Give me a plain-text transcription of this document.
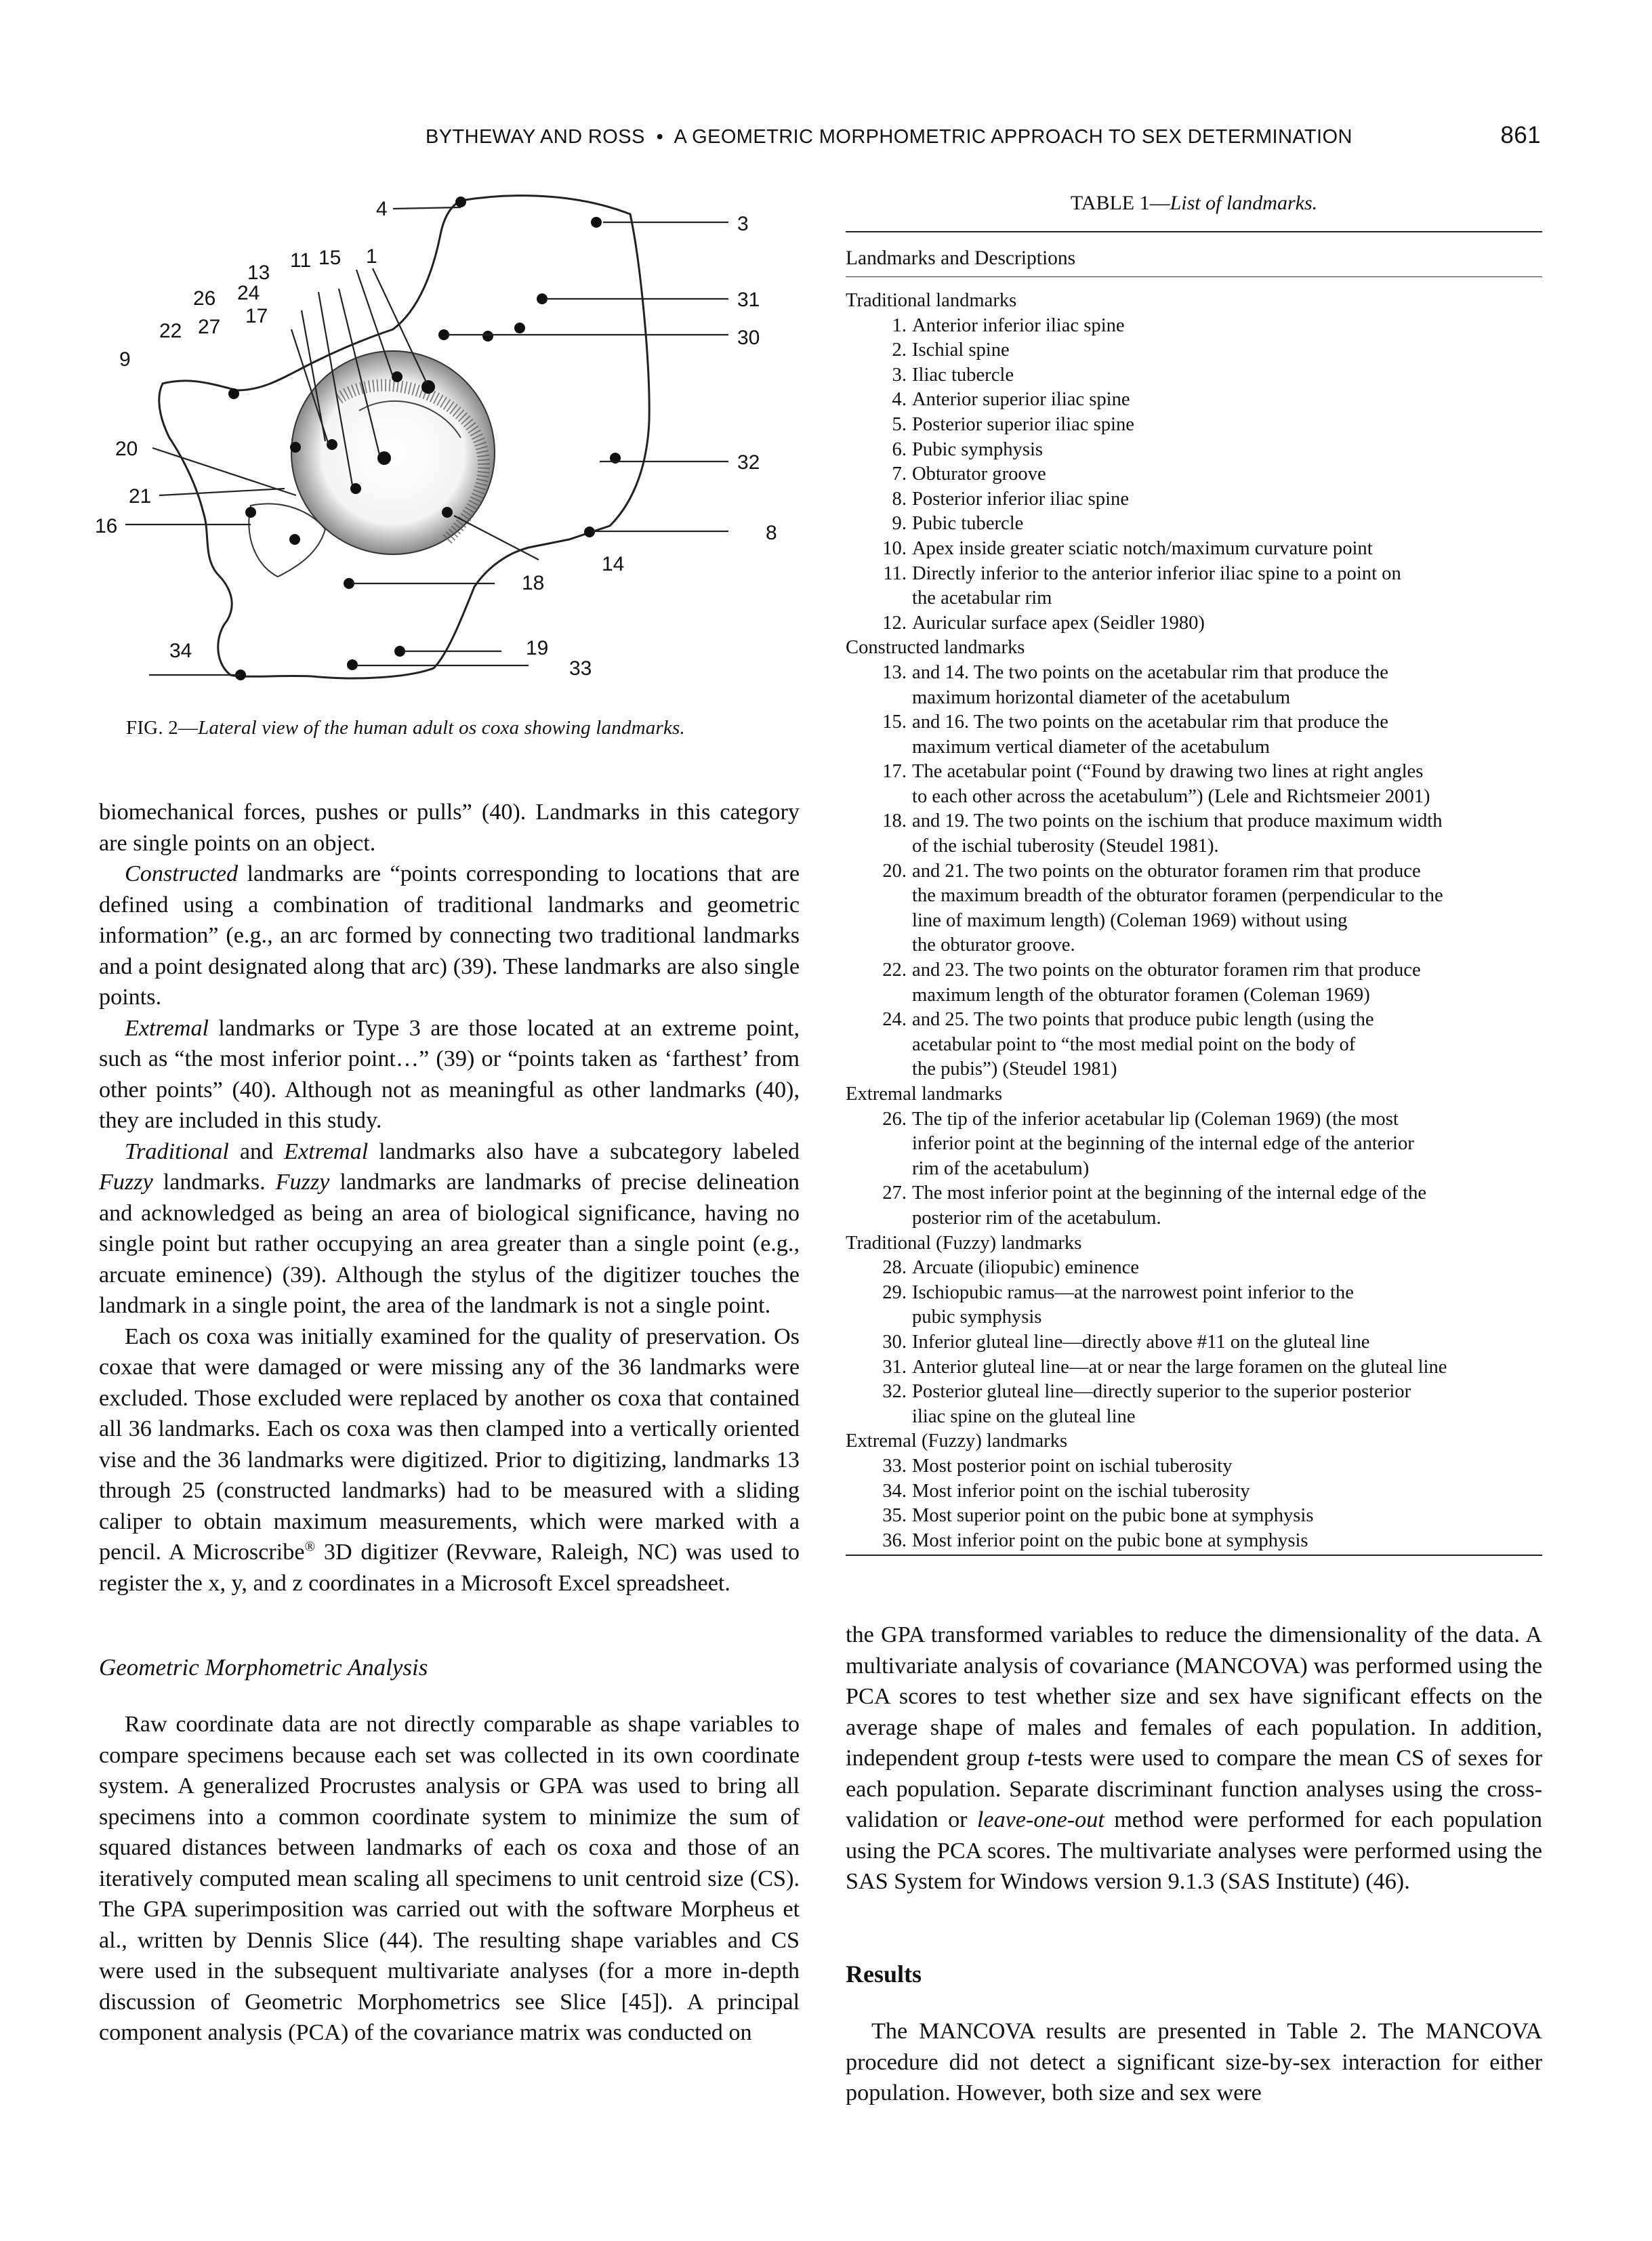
BYTHEWAY AND ROSS • A GEOMETRIC MORPHOMETRIC APPROACH TO SEX DETERMINATION	861
4
3
1
11 15
13
24
26
17
27
22
9
31
30
20
32
21
16	8
14
18
34	19
33
FIG. 2—Lateral view of the human adult os coxa showing landmarks.
TABLE 1—List of landmarks.
Landmarks and Descriptions
Traditional landmarks
1. Anterior inferior iliac spine
2. Ischial spine
3. Iliac tubercle
4. Anterior superior iliac spine
5. Posterior superior iliac spine
6. Pubic symphysis
7. Obturator groove
8. Posterior inferior iliac spine
9. Pubic tubercle
10. Apex inside greater sciatic notch/maximum curvature point
11. Directly inferior to the anterior inferior iliac spine to a point on
the acetabular rim
12. Auricular surface apex (Seidler 1980)
Constructed landmarks
13. and 14. The two points on the acetabular rim that produce the
maximum horizontal diameter of the acetabulum
15. and 16. The two points on the acetabular rim that produce the
maximum vertical diameter of the acetabulum
17. The acetabular point (“Found by drawing two lines at right angles
to each other across the acetabulum”) (Lele and Richtsmeier 2001)
18. and 19. The two points on the ischium that produce maximum width
of the ischial tuberosity (Steudel 1981).
20. and 21. The two points on the obturator foramen rim that produce
the maximum breadth of the obturator foramen (perpendicular to the
line of maximum length) (Coleman 1969) without using
the obturator groove.
22. and 23. The two points on the obturator foramen rim that produce
maximum length of the obturator foramen (Coleman 1969)
24. and 25. The two points that produce pubic length (using the
acetabular point to “the most medial point on the body of
the pubis”) (Steudel 1981)
Extremal landmarks
26. The tip of the inferior acetabular lip (Coleman 1969) (the most
inferior point at the beginning of the internal edge of the anterior
rim of the acetabulum)
27. The most inferior point at the beginning of the internal edge of the
posterior rim of the acetabulum.
Traditional (Fuzzy) landmarks
28. Arcuate (iliopubic) eminence
29. Ischiopubic ramus—at the narrowest point inferior to the
pubic symphysis
30. Inferior gluteal line—directly above #11 on the gluteal line
31. Anterior gluteal line—at or near the large foramen on the gluteal line
32. Posterior gluteal line—directly superior to the superior posterior
iliac spine on the gluteal line
Extremal (Fuzzy) landmarks
33. Most posterior point on ischial tuberosity
34. Most inferior point on the ischial tuberosity
35. Most superior point on the pubic bone at symphysis
36. Most inferior point on the pubic bone at symphysis

biomechanical forces, pushes or pulls” (40). Landmarks in this category are single points on an object.

Constructed landmarks are “points corresponding to locations that are defined using a combination of traditional landmarks and geometric information” (e.g., an arc formed by connecting two traditional landmarks and a point designated along that arc) (39). These landmarks are also single points.

Extremal landmarks or Type 3 are those located at an extreme point, such as “the most inferior point…” (39) or “points taken as ‘farthest’ from other points” (40). Although not as meaningful as other landmarks (40), they are included in this study.

Traditional and Extremal landmarks also have a subcategory labeled Fuzzy landmarks. Fuzzy landmarks are landmarks of precise delineation and acknowledged as being an area of biological significance, having no single point but rather occupying an area greater than a single point (e.g., arcuate eminence) (39). Although the stylus of the digitizer touches the landmark in a single point, the area of the landmark is not a single point.

Each os coxa was initially examined for the quality of preservation. Os coxae that were damaged or were missing any of the 36 landmarks were excluded. Those excluded were replaced by another os coxa that contained all 36 landmarks. Each os coxa was then clamped into a vertically oriented vise and the 36 landmarks were digitized. Prior to digitizing, landmarks 13 through 25 (constructed landmarks) had to be measured with a sliding caliper to obtain maximum measurements, which were marked with a pencil. A Microscribe® 3D digitizer (Revware, Raleigh, NC) was used to register the x, y, and z coordinates in a Microsoft Excel spreadsheet.

Geometric Morphometric Analysis

Raw coordinate data are not directly comparable as shape variables to compare specimens because each set was collected in its own coordinate system. A generalized Procrustes analysis or GPA was used to bring all specimens into a common coordinate system to minimize the sum of squared distances between landmarks of each os coxa and those of an iteratively computed mean scaling all specimens to unit centroid size (CS). The GPA superimposition was carried out with the software Morpheus et al., written by Dennis Slice (44). The resulting shape variables and CS were used in the subsequent multivariate analyses (for a more in-depth discussion of Geometric Morphometrics see Slice [45]). A principal component analysis (PCA) of the covariance matrix was conducted on

the GPA transformed variables to reduce the dimensionality of the data. A multivariate analysis of covariance (MANCOVA) was performed using the PCA scores to test whether size and sex have significant effects on the average shape of males and females of each population. In addition, independent group t-tests were used to compare the mean CS of sexes for each population. Separate discriminant function analyses using the cross-validation or leave-one-out method were performed for each population using the PCA scores. The multivariate analyses were performed using the SAS System for Windows version 9.1.3 (SAS Institute) (46).

Results

The MANCOVA results are presented in Table 2. The MANCOVA procedure did not detect a significant size-by-sex interaction for either population. However, both size and sex were
